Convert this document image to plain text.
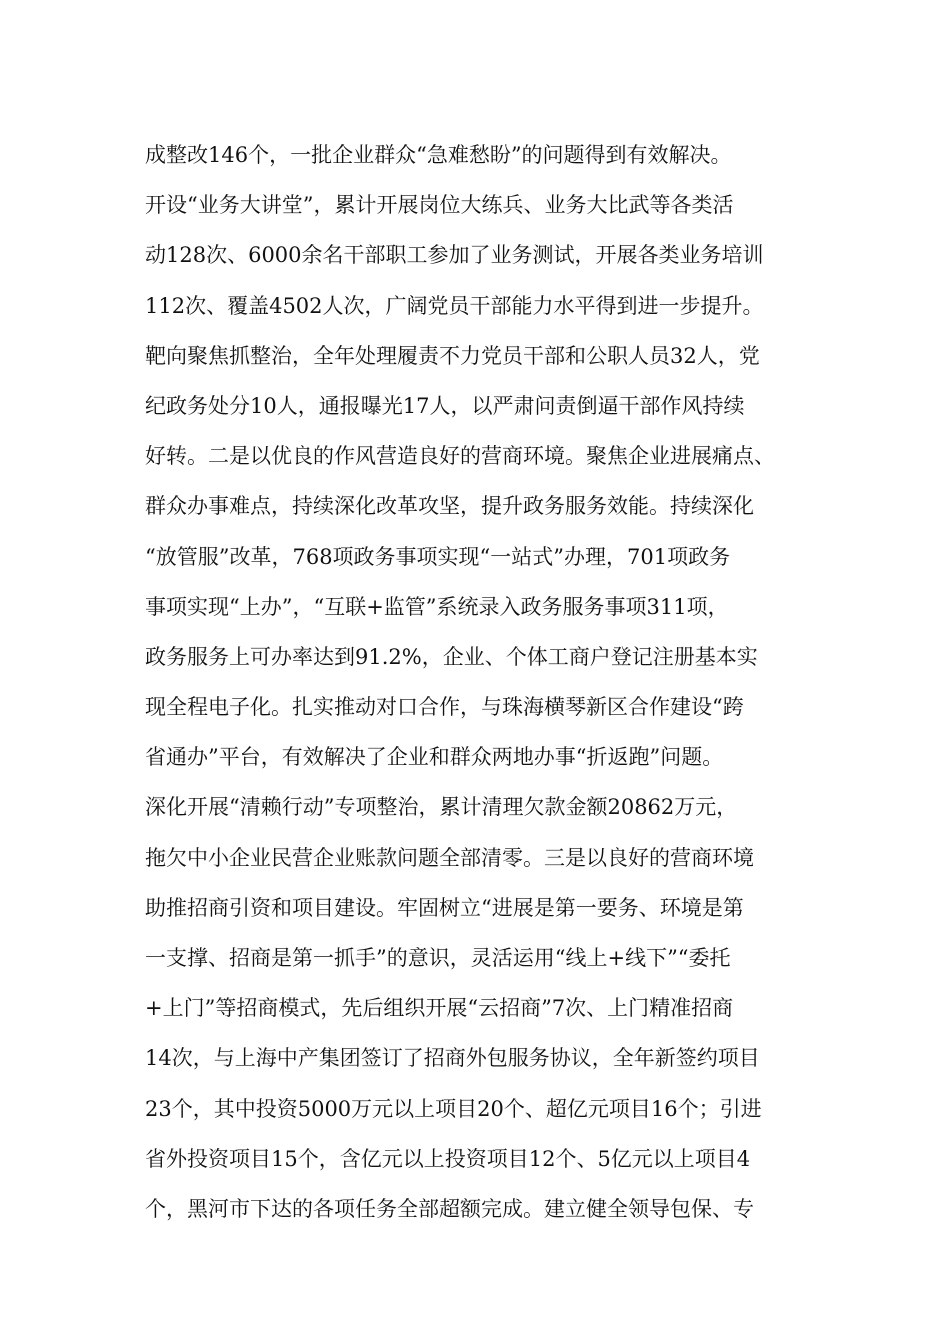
成整改146个，一批企业群众“急难愁盼”的问题得到有效解决。
开设“业务大讲堂”，累计开展岗位大练兵、业务大比武等各类活
动128次、6000余名干部职工参加了业务测试，开展各类业务培训
112次、覆盖4502人次，广阔党员干部能力水平得到进一步提升。
靶向聚焦抓整治，全年处理履责不力党员干部和公职人员32人，党
纪政务处分10人，通报曝光17人，以严肃问责倒逼干部作风持续
好转。二是以优良的作风营造良好的营商环境。聚焦企业进展痛点、
群众办事难点，持续深化改革攻坚，提升政务服务效能。持续深化
“放管服”改革，768项政务事项实现“一站式”办理，701项政务
事项实现“上办”，“互联+监管”系统录入政务服务事项311项，
政务服务上可办率达到91.2%，企业、个体工商户登记注册基本实
现全程电子化。扎实推动对口合作，与珠海横琴新区合作建设“跨
省通办”平台，有效解决了企业和群众两地办事“折返跑”问题。
深化开展“清赖行动”专项整治，累计清理欠款金额20862万元，
拖欠中小企业民营企业账款问题全部清零。三是以良好的营商环境
助推招商引资和项目建设。牢固树立“进展是第一要务、环境是第
一支撑、招商是第一抓手”的意识，灵活运用“线上+线下”“委托
+上门”等招商模式，先后组织开展“云招商”7次、上门精准招商
14次，与上海中产集团签订了招商外包服务协议，全年新签约项目
23个，其中投资5000万元以上项目20个、超亿元项目16个；引进
省外投资项目15个，含亿元以上投资项目12个、5亿元以上项目4
个，黑河市下达的各项任务全部超额完成。建立健全领导包保、专
